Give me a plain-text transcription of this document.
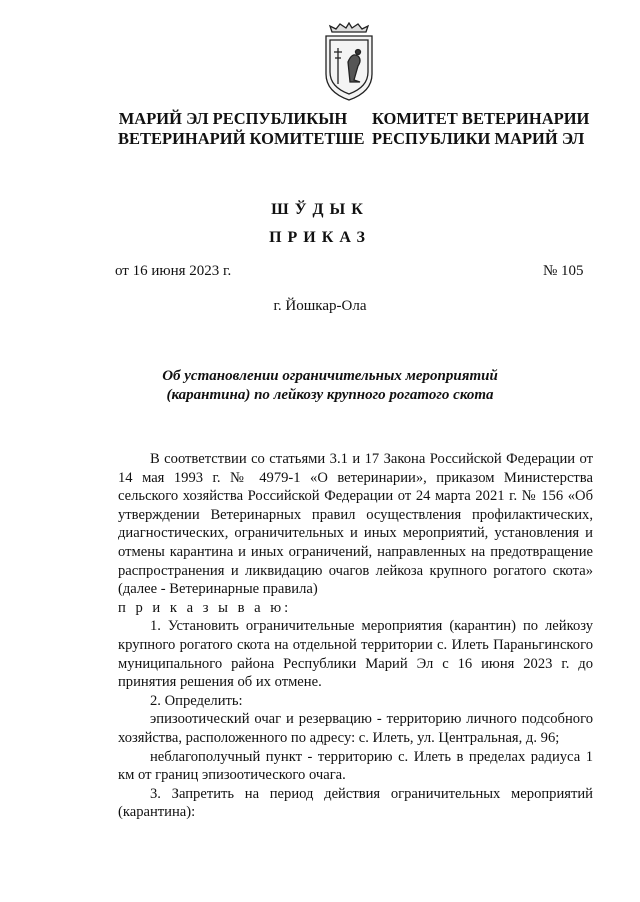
МАРИЙ ЭЛ РЕСПУБЛИКЫН
ВЕТЕРИНАРИЙ КОМИТЕТШЕ
КОМИТЕТ ВЕТЕРИНАРИИ
РЕСПУБЛИКИ МАРИЙ ЭЛ
ШЎДЫК
ПРИКАЗ
от 16 июня 2023 г.	№ 105
г. Йошкар-Ола
Об установлении ограничительных мероприятий
(карантина) по лейкозу крупного рогатого скота

В соответствии со статьями 3.1 и 17 Закона Российской Федерации от 14 мая 1993 г. № 4979-1 «О ветеринарии», приказом Министерства сельского хозяйства Российской Федерации от 24 марта 2021 г. № 156 «Об утверждении Ветеринарных правил осуществления профилактических, диагностических, ограничительных и иных мероприятий, установления и отмены карантина и иных ограничений, направленных на предотвращение распространения и ликвидацию очагов лейкоза крупного рогатого скота» (далее - Ветеринарные правила)

п р и к а з ы в а ю:

1. Установить ограничительные мероприятия (карантин) по лейкозу крупного рогатого скота на отдельной территории с. Илеть Параньгинского муниципального района Республики Марий Эл с 16 июня 2023 г. до принятия решения об их отмене.

2. Определить:

эпизоотический очаг и резервацию - территорию личного подсобного хозяйства, расположенного по адресу: с. Илеть, ул. Центральная, д. 96;

неблагополучный пункт - территорию с. Илеть в пределах радиуса 1 км от границ эпизоотического очага.

3. Запретить на период действия ограничительных мероприятий (карантина):
